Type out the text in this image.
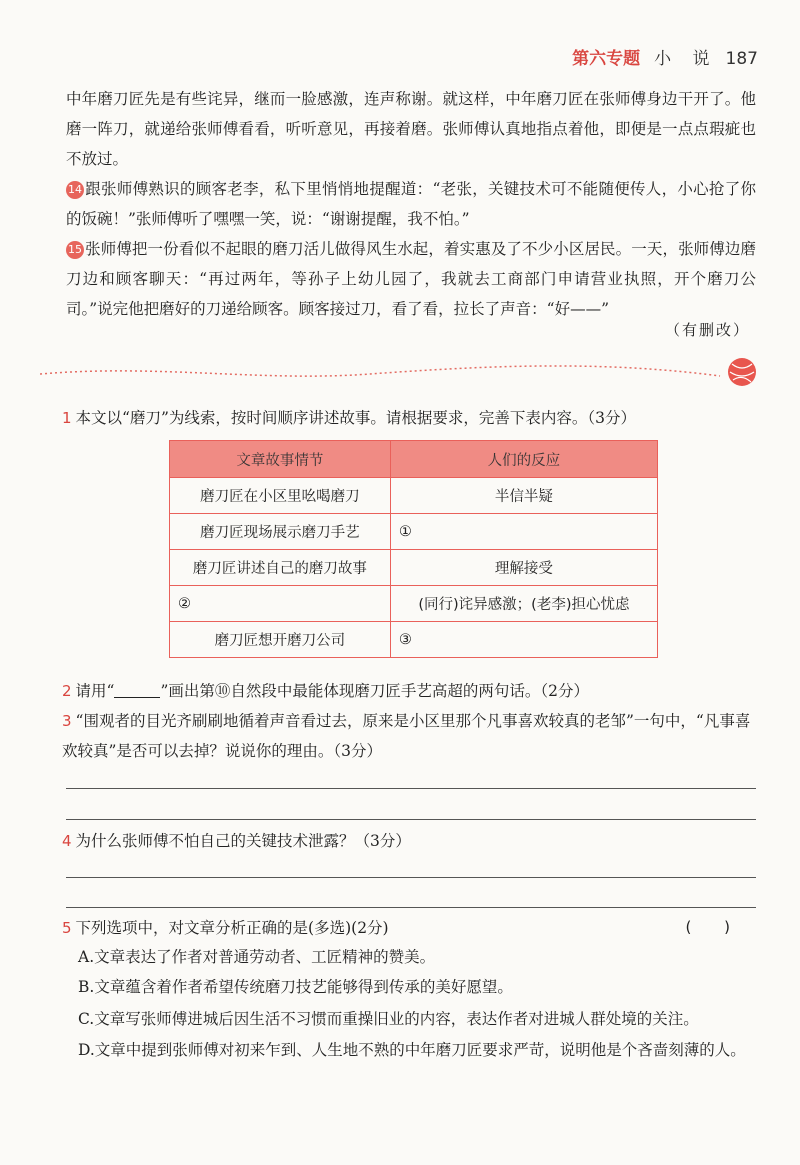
第六专题 小 说 187

中年磨刀匠先是有些诧异，继而一脸感激，连声称谢。就这样，中年磨刀匠在张师傅身边干开了。他磨一阵刀，就递给张师傅看看，听听意见，再接着磨。张师傅认真地指点着他，即便是一点点瑕疵也不放过。

14 跟张师傅熟识的顾客老李，私下里悄悄地提醒道：“老张，关键技术可不能随便传人，小心抢了你的饭碗！”张师傅听了嘿嘿一笑，说：“谢谢提醒，我不怕。”

15 张师傅把一份看似不起眼的磨刀活儿做得风生水起，着实惠及了不少小区居民。一天，张师傅边磨刀边和顾客聊天：“再过两年，等孙子上幼儿园了，我就去工商部门申请营业执照，开个磨刀公司。”说完他把磨好的刀递给顾客。顾客接过刀，看了看，拉长了声音：“好——”

（有删改）
1 本文以“磨刀”为线索，按时间顺序讲述故事。请根据要求，完善下表内容。（3分）
文章故事情节	人们的反应
磨刀匠在小区里吆喝磨刀	半信半疑
磨刀匠现场展示磨刀手艺	①
磨刀匠讲述自己的磨刀故事	理解接受
②	(同行)诧异感激；(老李)担心忧虑
磨刀匠想开磨刀公司	③
2 请用“	”画出第⑩自然段中最能体现磨刀匠手艺高超的两句话。（2分）
3 “围观者的目光齐刷刷地循着声音看过去，原来是小区里那个凡事喜欢较真的老邹”一句中，“凡事喜欢较真”是否可以去掉？说说你的理由。（3分）
4 为什么张师傅不怕自己的关键技术泄露？（3分）
5 下列选项中，对文章分析正确的是(多选)(2分)	( )
A.文章表达了作者对普通劳动者、工匠精神的赞美。
B.文章蕴含着作者希望传统磨刀技艺能够得到传承的美好愿望。
C.文章写张师傅进城后因生活不习惯而重操旧业的内容，表达作者对进城人群处境的关注。
D.文章中提到张师傅对初来乍到、人生地不熟的中年磨刀匠要求严苛，说明他是个吝啬刻薄的人。
